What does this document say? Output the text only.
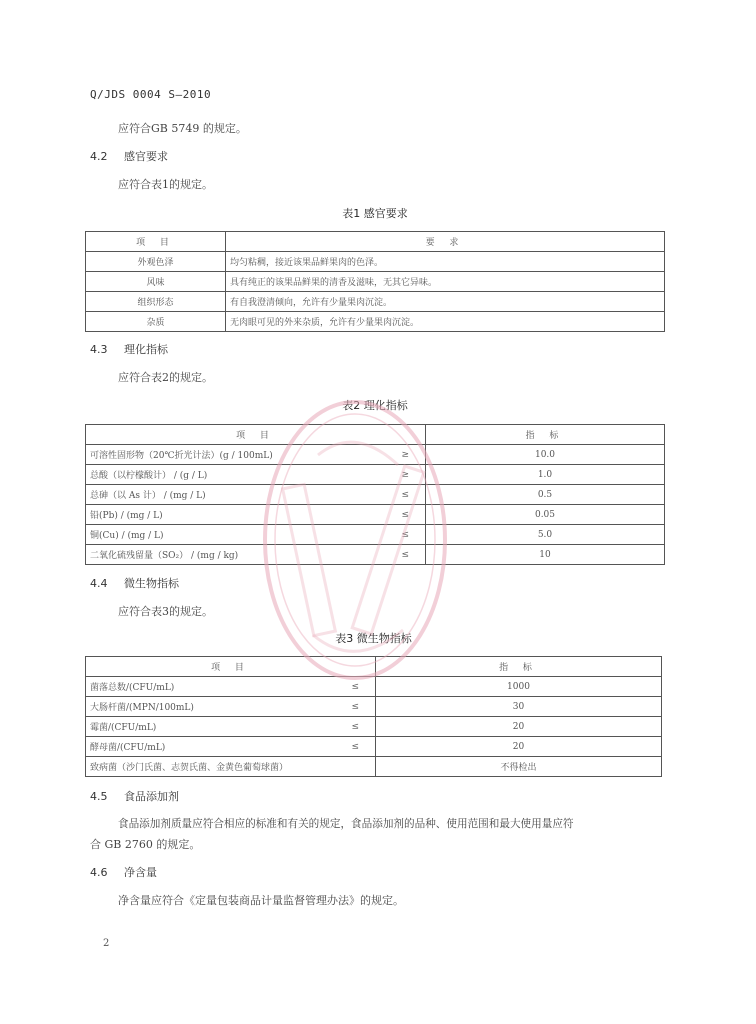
Q/JDS 0004 S—2010
应符合GB 5749 的规定。
4.2 感官要求
应符合表1的规定。
表1 感官要求
项 目	要 求
外观色泽	均匀粘稠，接近该果品鲜果肉的色泽。
风味	具有纯正的该果品鲜果的清香及滋味，无其它异味。
组织形态	有自我澄清倾向，允许有少量果肉沉淀。
杂质	无肉眼可见的外来杂质，允许有少量果肉沉淀。
4.3 理化指标
应符合表2的规定。
表2 理化指标
项 目		指 标
可溶性固形物（20℃折光计法）(g / 100mL)	≥	10.0
总酸（以柠檬酸计） / (g / L)	≥	1.0
总砷（以 As 计） / (mg / L)	≤	0.5
铅(Pb) / (mg / L)	≤	0.05
铜(Cu) / (mg / L)	≤	5.0
二氧化硫残留量（SO₂） / (mg / kg)	≤	10
4.4 微生物指标
应符合表3的规定。
表3 微生物指标
项 目		指 标
菌落总数/(CFU/mL)	≤	1000
大肠杆菌/(MPN/100mL)	≤	30
霉菌/(CFU/mL)	≤	20
酵母菌/(CFU/mL)	≤	20
致病菌（沙门氏菌、志贺氏菌、金黄色葡萄球菌）		不得检出
4.5 食品添加剂
食品添加剂质量应符合相应的标准和有关的规定，食品添加剂的品种、使用范围和最大使用量应符
合 GB 2760 的规定。
4.6 净含量
净含量应符合《定量包装商品计量监督管理办法》的规定。
2
